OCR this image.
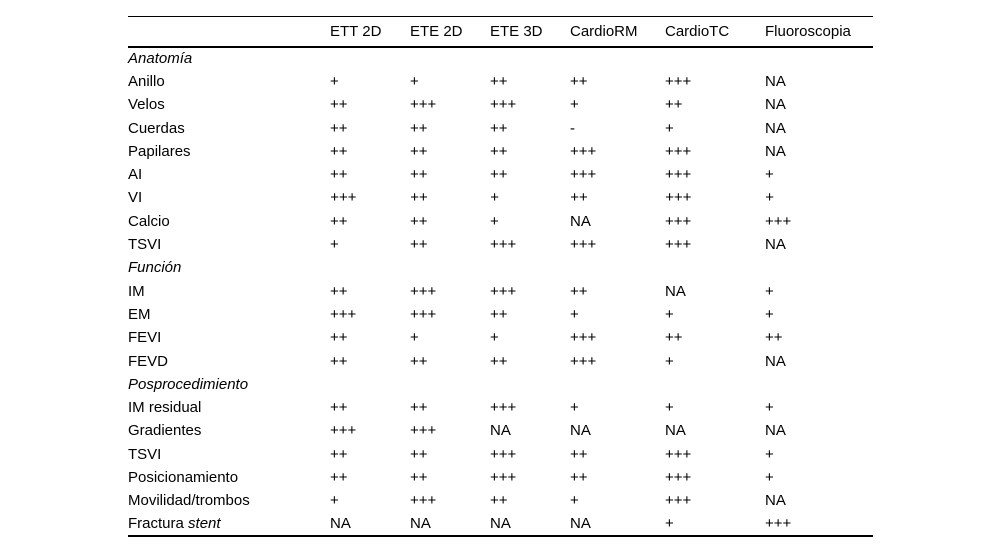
	ETT 2D	ETE 2D	ETE 3D	CardioRM	CardioTC	Fluoroscopia
Anatomía						
Anillo	+	+	++	++	+++	NA
Velos	++	+++	+++	+	++	NA
Cuerdas	++	++	++	-	+	NA
Papilares	++	++	++	+++	+++	NA
AI	++	++	++	+++	+++	+
VI	+++	++	+	++	+++	+
Calcio	++	++	+	NA	+++	+++
TSVI	+	++	+++	+++	+++	NA
Función						
IM	++	+++	+++	++	NA	+
EM	+++	+++	++	+	+	+
FEVI	++	+	+	+++	++	++
FEVD	++	++	++	+++	+	NA
Posprocedimiento						
IM residual	++	++	+++	+	+	+
Gradientes	+++	+++	NA	NA	NA	NA
TSVI	++	++	+++	++	+++	+
Posicionamiento	++	++	+++	++	+++	+
Movilidad/trombos	+	+++	++	+	+++	NA
Fractura stent	NA	NA	NA	NA	+	+++
